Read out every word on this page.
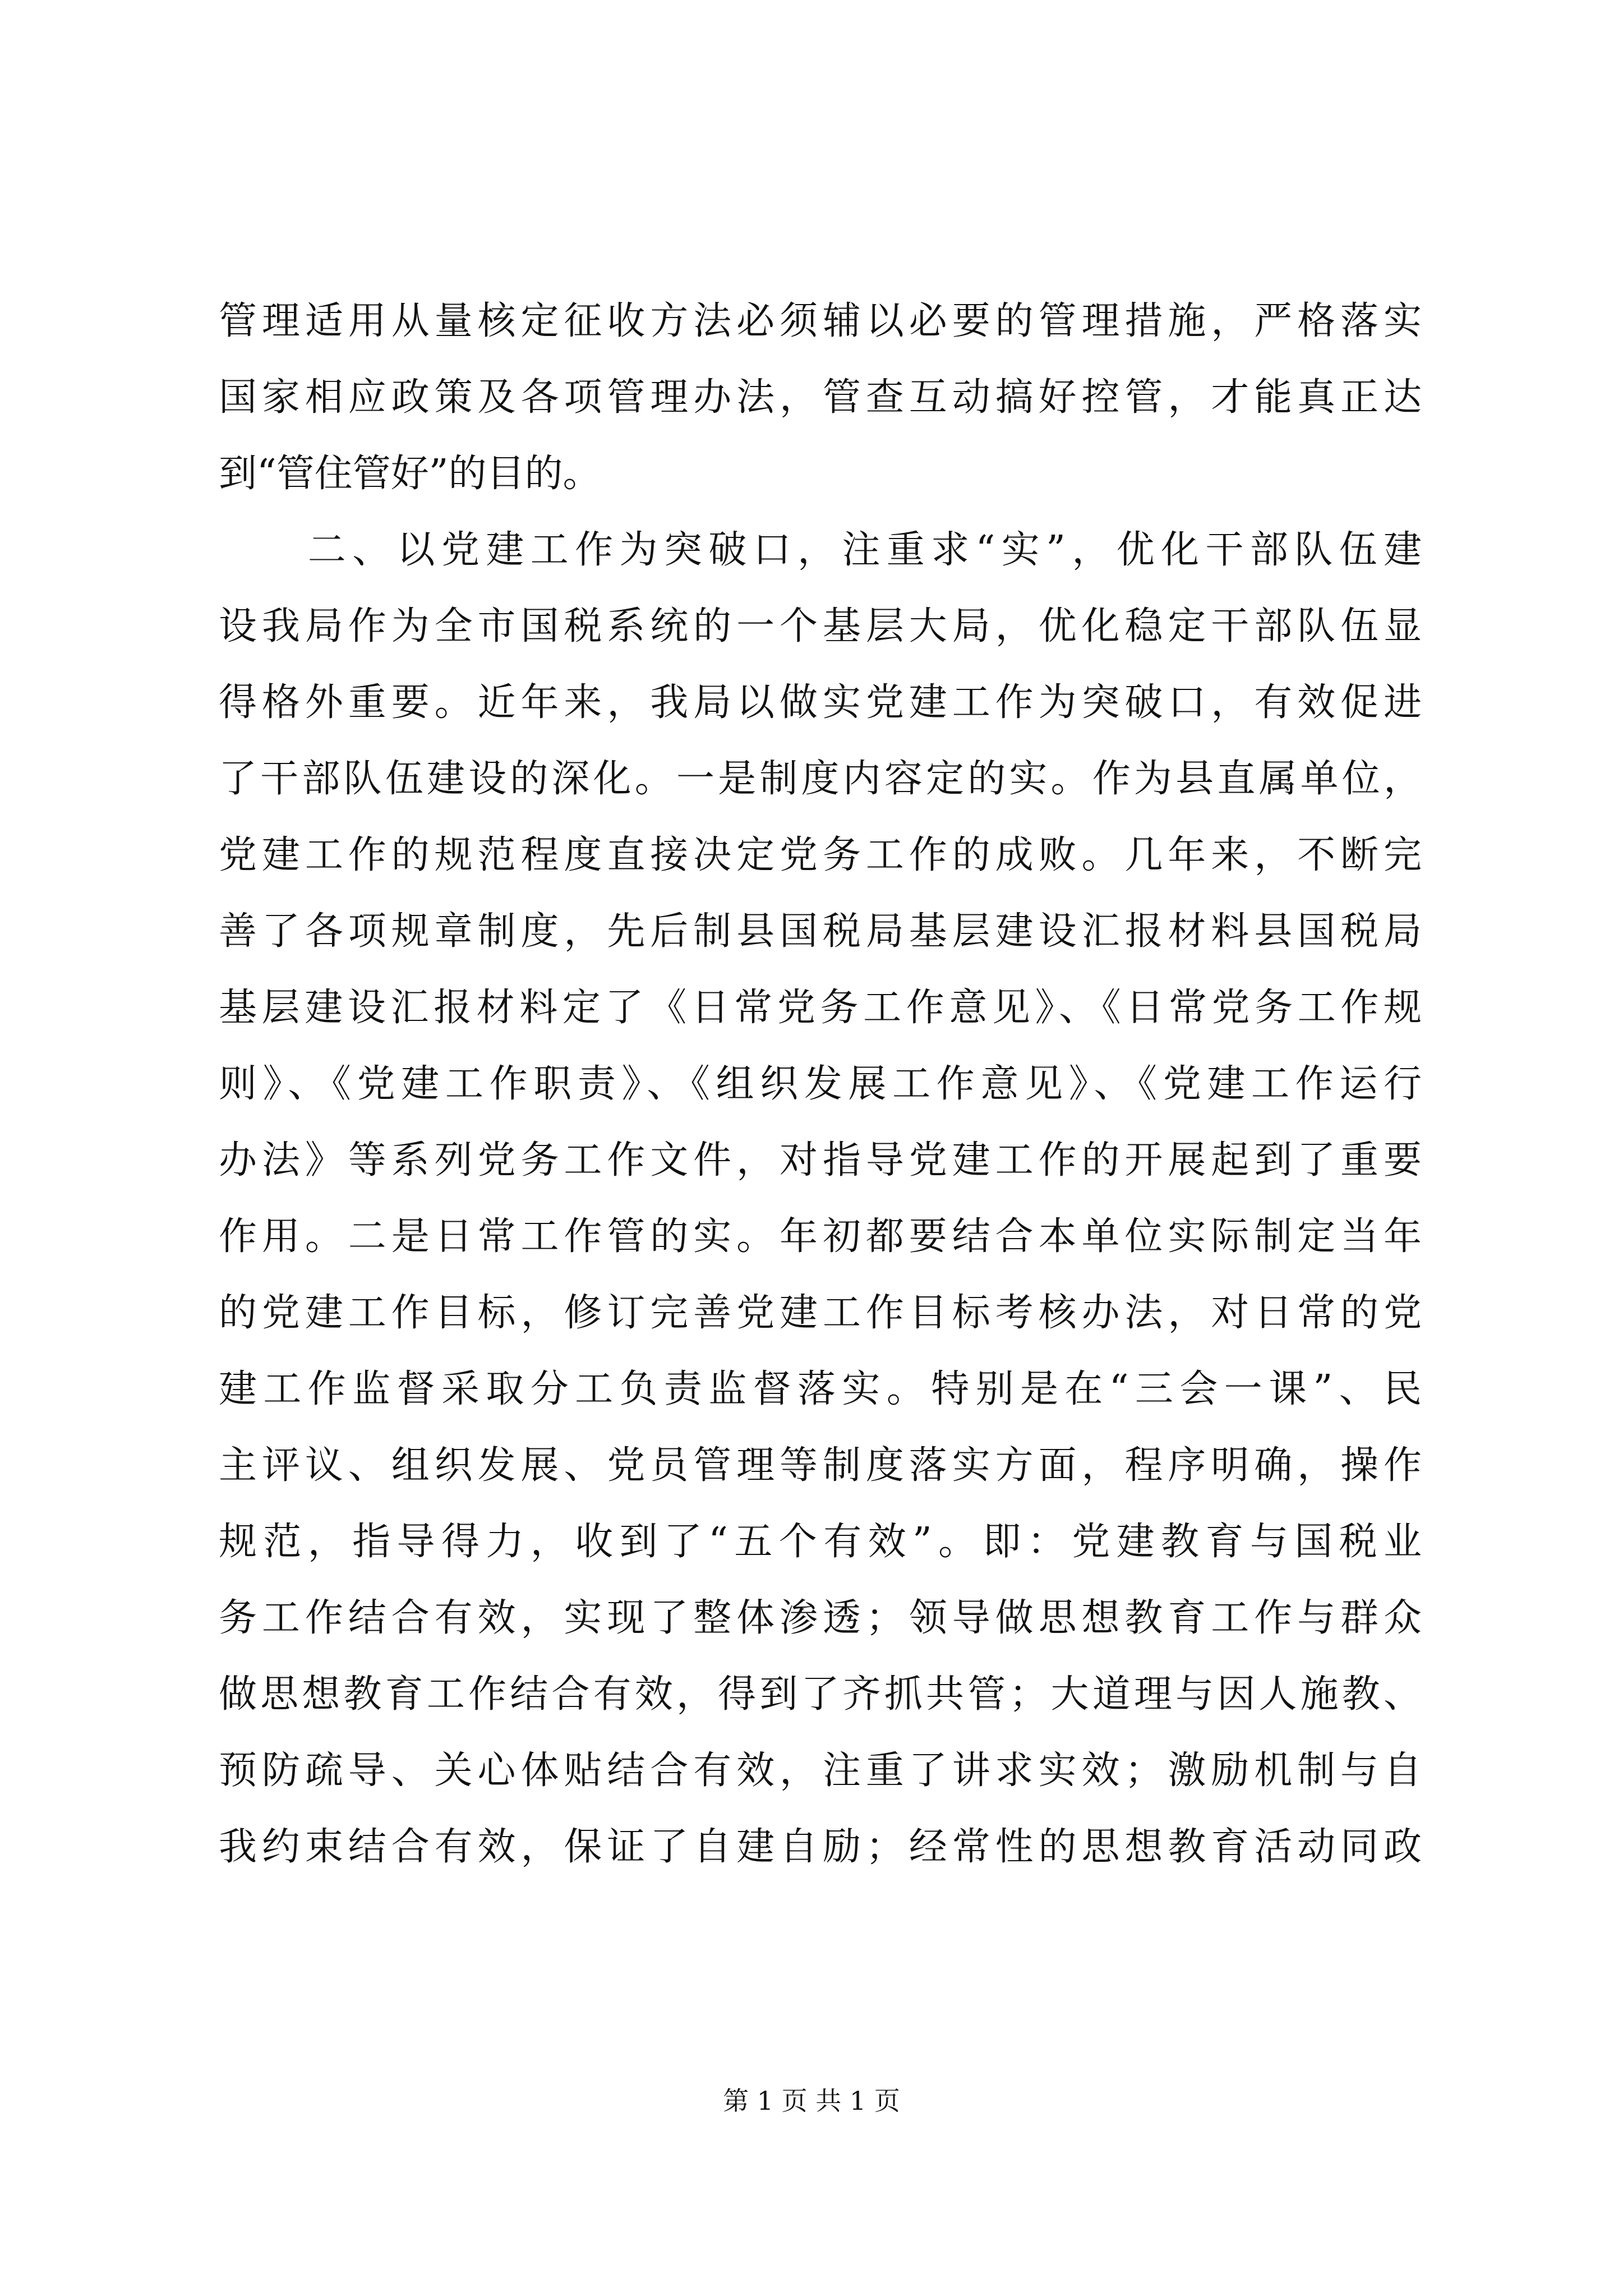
管理适用从量核定征收方法必须辅以必要的管理措施，严格落实
国家相应政策及各项管理办法，管查互动搞好控管，才能真正达
到“管住管好”的目的。
　　二、以党建工作为突破口，注重求“实”，优化干部队伍建
设我局作为全市国税系统的一个基层大局，优化稳定干部队伍显
得格外重要。近年来，我局以做实党建工作为突破口，有效促进
了干部队伍建设的深化。一是制度内容定的实。作为县直属单位，
党建工作的规范程度直接决定党务工作的成败。几年来，不断完
善了各项规章制度，先后制县国税局基层建设汇报材料县国税局
基层建设汇报材料定了《日常党务工作意见》、《日常党务工作规
则》、《党建工作职责》、《组织发展工作意见》、《党建工作运行
办法》等系列党务工作文件，对指导党建工作的开展起到了重要
作用。二是日常工作管的实。年初都要结合本单位实际制定当年
的党建工作目标，修订完善党建工作目标考核办法，对日常的党
建工作监督采取分工负责监督落实。特别是在“三会一课”、民
主评议、组织发展、党员管理等制度落实方面，程序明确，操作
规范，指导得力，收到了“五个有效”。即：党建教育与国税业
务工作结合有效，实现了整体渗透；领导做思想教育工作与群众
做思想教育工作结合有效，得到了齐抓共管；大道理与因人施教、
预防疏导、关心体贴结合有效，注重了讲求实效；激励机制与自
我约束结合有效，保证了自建自励；经常性的思想教育活动同政
第 1 页 共 1 页
